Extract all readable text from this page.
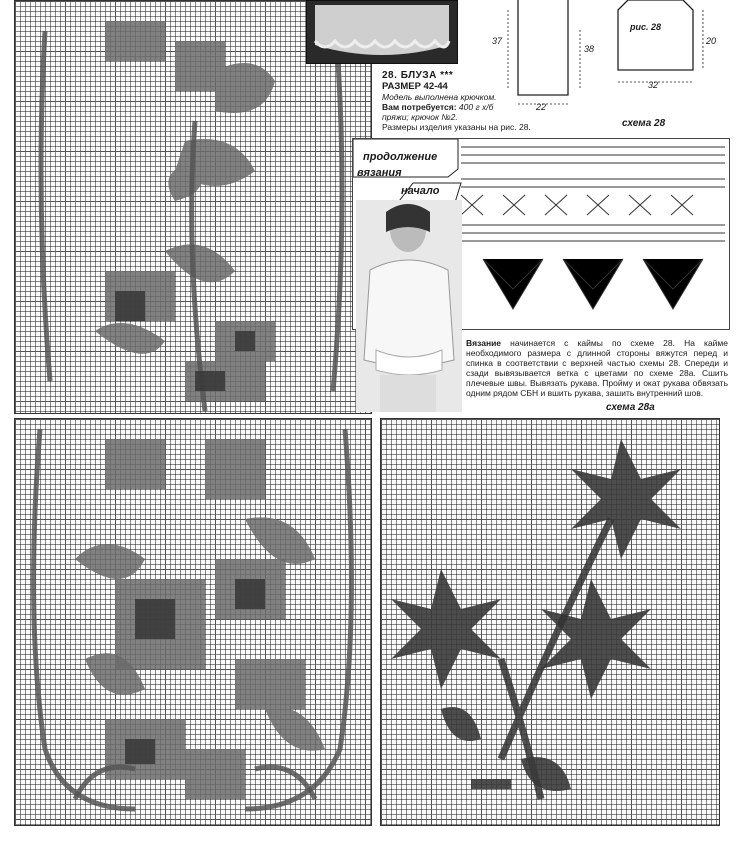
28. БЛУЗА ***
РАЗМЕР 42-44
Модель выполнена крючком.
Вам потребуется: 400 г х/б
пряжи; крючок №2.
Размеры изделия указаны на рис. 28.
37
38
22
20
32
рис. 28
схема 28
продолжение
вязания
начало
Вязание начинается с каймы по схеме 28. На кайме необходимого размера с длинной стороны вяжутся перед и спинка в соответствии с верхней частью схемы 28. Спереди и сзади вывязывается ветка с цветами по схеме 28а. Сшить плечевые швы. Вывязать рукава. Пройму и окат рукава обвязать одним рядом СБН и вшить рукава, зашить внутренний шов.
схема 28а
